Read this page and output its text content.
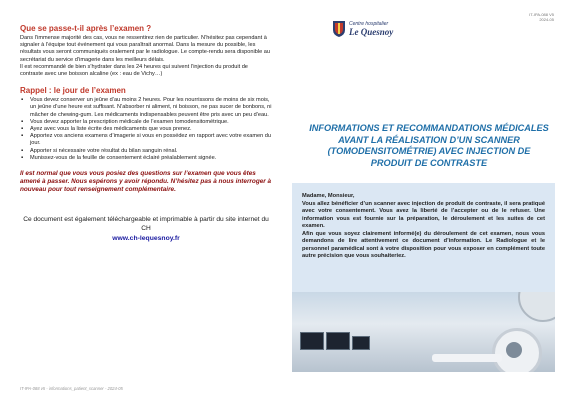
Que se passe-t-il après l’examen ?

Dans l’immense majorité des cas, vous ne ressentirez rien de particulier. N’hésitez pas cependant à signaler à l’équipe tout événement qui vous paraîtrait anormal. Dans la mesure du possible, les résultats vous seront communiqués oralement par le radiologue. Le compte-rendu sera disponible au secrétariat du service d’imagerie dans les meilleurs délais.

Il est recommandé de bien s’hydrater dans les 24 heures qui suivent l’injection du produit de contraste avec une boisson alcaline (ex : eau de Vichy…)

Rappel : le jour de l’examen
▪ Vous devez conserver un jeûne d’au moins 2 heures. Pour les nourrissons de moins de six mois, un jeûne d’une heure est suffisant. N’absorber ni aliment, ni boisson, ne pas sucer de bonbons, ni mâcher de chewing-gum. Les médicaments indispensables peuvent être pris avec un peu d’eau.
▪ Vous devez apporter la prescription médicale de l’examen tomodensitométrique.
▪ Ayez avec vous la liste écrite des médicaments que vous prenez.
▪ Apportez vos anciens examens d’imagerie si vous en possédez en rapport avec votre examen du jour.
▪ Apporter si nécessaire votre résultat du bilan sanguin rénal.
▪ Munissez-vous de la feuille de consentement éclairé préalablement signée.
Il est normal que vous vous posiez des questions sur l’examen que vous êtes amené à passer. Nous espérons y avoir répondu. N’hésitez pas à nous interroger à nouveau pour tout renseignement complémentaire.
Ce document est également téléchargeable et imprimable à partir du site internet du CH
www.ch-lequesnoy.fr
IT-IPA-088 v5 - informations_patient_scanner - 2024-05
Centre hospitalier
Le Quesnoy
IT-IPA-088 V5
2024-05
INFORMATIONS ET RECOMMANDATIONS MÉDICALES AVANT LA RÉALISATION D’UN SCANNER (TOMODENSITOMÉTRIE) AVEC INJECTION DE PRODUIT DE CONTRASTE

Madame, Monsieur,

Vous allez bénéficier d’un scanner avec injection de produit de contraste, il sera pratiqué avec votre consentement. Vous avez la liberté de l’accepter ou de le refuser. Une information vous est fournie sur la préparation, le déroulement et les suites de cet examen.

Afin que vous soyez clairement informé(e) du déroulement de cet examen, nous vous demandons de lire attentivement ce document d’information. Le Radiologue et le personnel paramédical sont à votre disposition pour vous exposer en complément toute autre précision que vous souhaiteriez.
